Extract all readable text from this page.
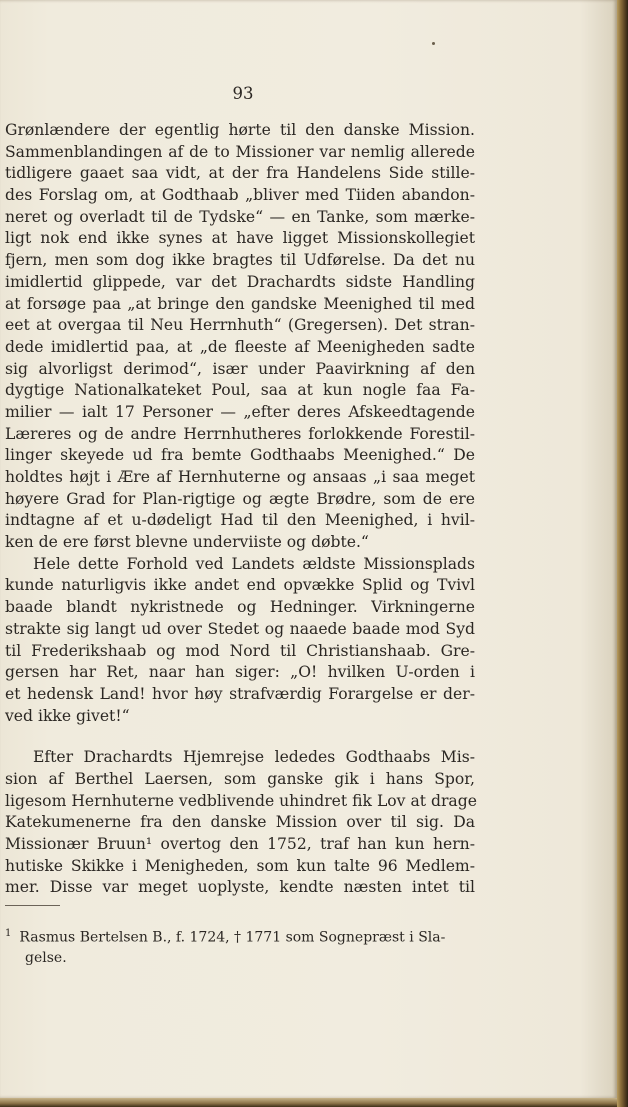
93
Grønlændere der egentlig hørte til den danske Mission.
Sammenblandingen af de to Missioner var nemlig allerede
tidligere gaaet saa vidt, at der fra Handelens Side stille-
des Forslag om, at Godthaab „bliver med Tiiden abandon-
neret og overladt til de Tydske“ — en Tanke, som mærke-
ligt nok end ikke synes at have ligget Missionskollegiet
fjern, men som dog ikke bragtes til Udførelse. Da det nu
imidlertid glippede, var det Drachardts sidste Handling
at forsøge paa „at bringe den gandske Meenighed til med
eet at overgaa til Neu Herrnhuth“ (Gregersen). Det stran-
dede imidlertid paa, at „de fleeste af Meenigheden sadte
sig alvorligst derimod“, især under Paavirkning af den
dygtige Nationalkateket Poul, saa at kun nogle faa Fa-
milier — ialt 17 Personer — „efter deres Afskeedtagende
Læreres og de andre Herrnhutheres forlokkende Forestil-
linger skeyede ud fra bemte Godthaabs Meenighed.“ De
holdtes højt i Ære af Hernhuterne og ansaas „i saa meget
høyere Grad for Plan-rigtige og ægte Brødre, som de ere
indtagne af et u-dødeligt Had til den Meenighed, i hvil-
ken de ere først blevne underviiste og døbte.“
Hele dette Forhold ved Landets ældste Missionsplads
kunde naturligvis ikke andet end opvække Splid og Tvivl
baade blandt nykristnede og Hedninger. Virkningerne
strakte sig langt ud over Stedet og naaede baade mod Syd
til Frederikshaab og mod Nord til Christianshaab. Gre-
gersen har Ret, naar han siger: „O! hvilken U-orden i
et hedensk Land! hvor høy strafværdig Forargelse er der-
ved ikke givet!“
Efter Drachardts Hjemrejse lededes Godthaabs Mis-
sion af Berthel Laersen, som ganske gik i hans Spor,
ligesom Hernhuterne vedblivende uhindret fik Lov at drage
Katekumenerne fra den danske Mission over til sig. Da
Missionær Bruun¹ overtog den 1752, traf han kun hern-
hutiske Skikke i Menigheden, som kun talte 96 Medlem-
mer. Disse var meget uoplyste, kendte næsten intet til
$^1$ Rasmus Bertelsen B., f. 1724, † 1771 som Sognepræst i Sla-
gelse.
